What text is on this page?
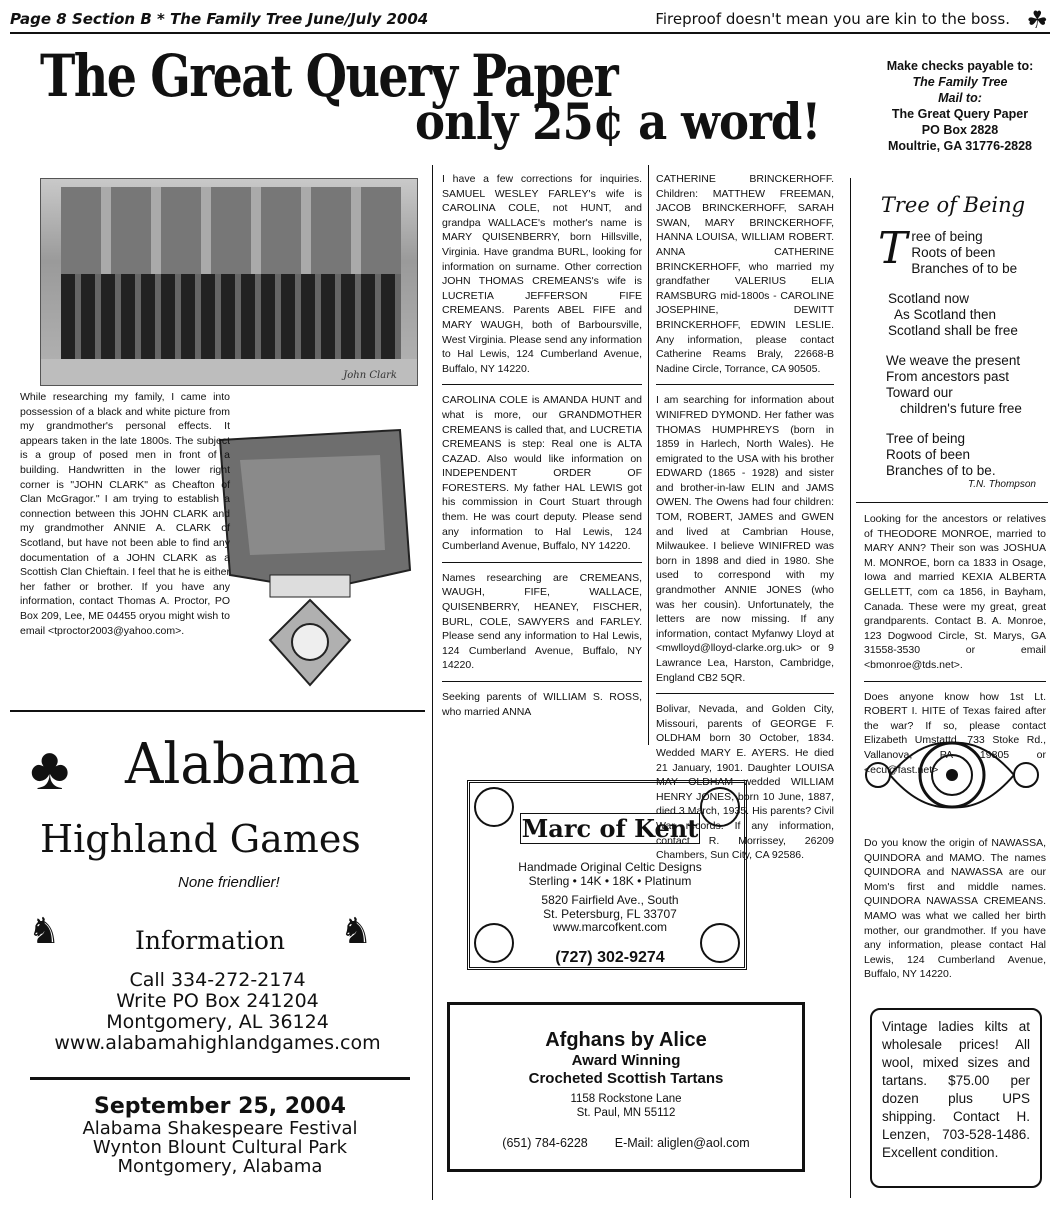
Page 8 Section B * The Family Tree June/July 2004	Fireproof doesn't mean you are kin to the boss. ☘
The Great Query Paper
only 25¢ a word!
Make checks payable to:
The Family Tree
Mail to:
The Great Query Paper
PO Box 2828
Moultrie, GA 31776-2828
John Clark
While researching my family, I came into possession of a black and white picture from my grandmother's personal effects. It appears taken in the late 1800s. The subject is a group of posed men in front of a building. Handwritten in the lower right corner is "JOHN CLARK" as Cheafton of Clan McGragor." I am trying to establish a connection between this JOHN CLARK and my grandmother ANNIE A. CLARK of Scotland, but have not been able to find any documentation of a JOHN CLARK as a Scottish Clan Chieftain. I feel that he is either her father or brother. If you have any information, contact Thomas A. Proctor, PO Box 209, Lee, ME 04455 oryou might wish to email <tproctor2003@yahoo.com>.
I have a few corrections for inquiries. SAMUEL WESLEY FARLEY's wife is CAROLINA COLE, not HUNT, and grandpa WALLACE's mother's name is MARY QUISENBERRY, born Hillsville, Virginia. Have grandma BURL, looking for information on surname. Other correction JOHN THOMAS CREMEANS's wife is LUCRETIA JEFFERSON FIFE CREMEANS. Parents ABEL FIFE and MARY WAUGH, both of Barboursville, West Virginia. Please send any information to Hal Lewis, 124 Cumberland Avenue, Buffalo, NY 14220.
CAROLINA COLE is AMANDA HUNT and what is more, our GRANDMOTHER CREMEANS is called that, and LUCRETIA CREMEANS is step: Real one is ALTA CAZAD. Also would like information on INDEPENDENT ORDER OF FORESTERS. My father HAL LEWIS got his commission in Court Stuart through them. He was court deputy. Please send any information to Hal Lewis, 124 Cumberland Avenue, Buffalo, NY 14220.
Names researching are CREMEANS, WAUGH, FIFE, WALLACE, QUISENBERRY, HEANEY, FISCHER, BURL, COLE, SAWYERS and FARLEY. Please send any information to Hal Lewis, 124 Cumberland Avenue, Buffalo, NY 14220.
Seeking parents of WILLIAM S. ROSS, who married ANNA
CATHERINE BRINCKERHOFF. Children: MATTHEW FREEMAN, JACOB BRINCKERHOFF, SARAH SWAN, MARY BRINCKERHOFF, HANNA LOUISA, WILLIAM ROBERT. ANNA CATHERINE BRINCKERHOFF, who married my grandfather VALERIUS ELIA RAMSBURG mid-1800s - CAROLINE JOSEPHINE, DEWITT BRINCKERHOFF, EDWIN LESLIE. Any information, please contact Catherine Reams Braly, 22668-B Nadine Circle, Torrance, CA 90505.
I am searching for information about WINIFRED DYMOND. Her father was THOMAS HUMPHREYS (born in 1859 in Harlech, North Wales). He emigrated to the USA with his brother EDWARD (1865 - 1928) and sister and brother-in-law ELIN and JAMS OWEN. The Owens had four children: TOM, ROBERT, JAMES and GWEN and lived at Cambrian House, Milwaukee. I believe WINIFRED was born in 1898 and died in 1980. She used to correspond with my grandmother ANNIE JONES (who was her cousin). Unfortunately, the letters are now missing. If any information, contact Myfanwy Lloyd at <mwlloyd@lloyd-clarke.org.uk> or 9 Lawrance Lea, Harston, Cambridge, England CB2 5QR.
Bolivar, Nevada, and Golden City, Missouri, parents of GEORGE F. OLDHAM born 30 October, 1834. Wedded MARY E. AYERS. He died 21 January, 1901. Daughter LOUISA MAY OLDHAM wedded WILLIAM HENRY JONES, born 10 June, 1887, died 3 March, 1935. His parents? Civil War records. If any information, contact R. Morrissey, 26209 Chambers, Sun City, CA 92586.
Tree of Being

T ree of being
Roots of been
Branches of to be

Scotland now
As Scotland then
Scotland shall be free

We weave the present
From ancestors past
Toward our
children's future free

Tree of being
Roots of been
Branches of to be.

T.N. Thompson
Looking for the ancestors or relatives of THEODORE MONROE, married to MARY ANN? Their son was JOSHUA M. MONROE, born ca 1833 in Osage, Iowa and married KEXIA ALBERTA GELLETT, com ca 1856, in Bayham, Canada. These were my great, great grandparents. Contact B. A. Monroe, 123 Dogwood Circle, St. Marys, GA 31558-3530 or email <bmonroe@tds.net>.
Does anyone know how 1st Lt. ROBERT I. HITE of Texas faired after the war? If so, please contact Elizabeth Umstattd, 733 Stoke Rd., Vallanova, PA 19805 or <ecu@fast.net>
Do you know the origin of NAWASSA, QUINDORA and MAMO. The names QUINDORA and NAWASSA are our Mom's first and middle names. QUINDORA NAWASSA CREMEANS. MAMO was what we called her birth mother, our grandmother. If you have any information, please contact Hal Lewis, 124 Cumberland Avenue, Buffalo, NY 14220.
♣ Alabama
Highland Games
None friendlier!
♞	♞
Information
Call 334-272-2174
Write PO Box 241204
Montgomery, AL 36124
www.alabamahighlandgames.com
September 25, 2004
Alabama Shakespeare Festival
Wynton Blount Cultural Park
Montgomery, Alabama
Marc of Kent
Handmade Original Celtic Designs
Sterling • 14K • 18K • Platinum
5820 Fairfield Ave., South
St. Petersburg, FL 33707
www.marcofkent.com
(727) 302-9274
Afghans by Alice
Award Winning
Crocheted Scottish Tartans
1158 Rockstone Lane
St. Paul, MN 55112
(651) 784-6228 E-Mail: aliglen@aol.com
Vintage ladies kilts at wholesale prices! All wool, mixed sizes and tartans. $75.00 per dozen plus UPS shipping. Contact H. Lenzen, 703-528-1486. Excellent condition.
